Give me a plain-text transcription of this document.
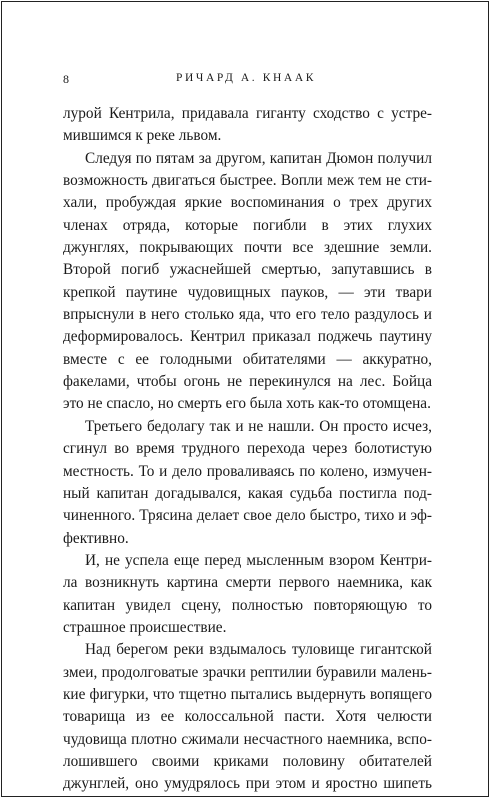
8	РИЧАРД А. КНААК

лурой Кентрила, придавала гиганту сходство с устремившимся к реке львом.

Следуя по пятам за другом, капитан Дюмон получил возможность двигаться быстрее. Вопли меж тем не стихали, пробуждая яркие воспоминания о трех других членах отряда, которые погибли в этих глухих джунглях, покрывающих почти все здешние земли. Второй погиб ужаснейшей смертью, запутавшись в крепкой паутине чудовищных пауков, — эти твари впрыснули в него столько яда, что его тело раздулось и деформировалось. Кентрил приказал поджечь паутину вместе с ее голодными обитателями — аккуратно, факелами, чтобы огонь не перекинулся на лес. Бойца это не спасло, но смерть его была хоть как-то отомщена.

Третьего бедолагу так и не нашли. Он просто исчез, сгинул во время трудного перехода через болотистую местность. То и дело проваливаясь по колено, измученный капитан догадывался, какая судьба постигла подчиненного. Трясина делает свое дело быстро, тихо и эффективно.

И, не успела еще перед мысленным взором Кентрила возникнуть картина смерти первого наемника, как капитан увидел сцену, полностью повторяющую то страшное происшествие.

Над берегом реки вздымалось туловище гигантской змеи, продолговатые зрачки рептилии буравили маленькие фигурки, что тщетно пытались выдернуть вопящего товарища из ее колоссальной пасти. Хотя челюсти чудовища плотно сжимали несчастного наемника, всполошившего своими криками половину обитателей джунглей, оно умудрялось при этом и яростно шипеть
